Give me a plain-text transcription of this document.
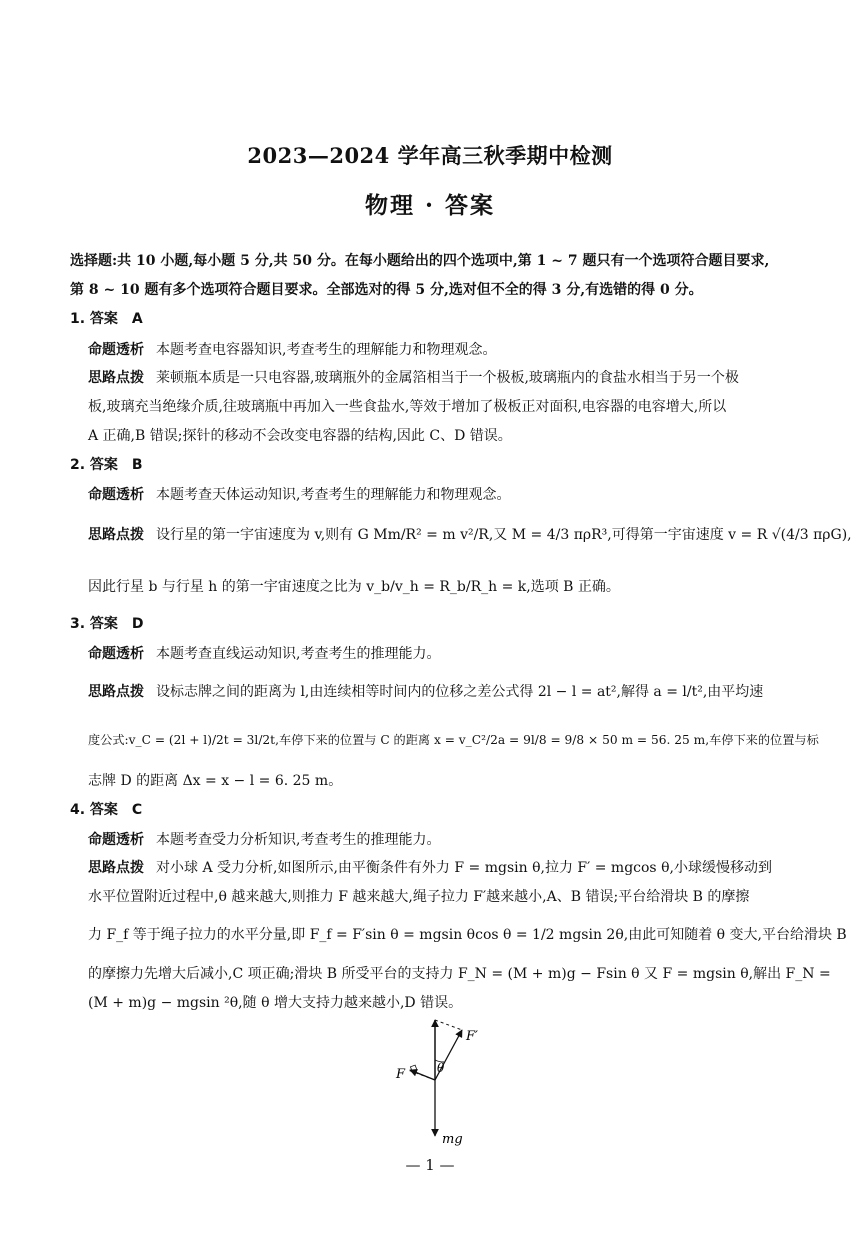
2023—2024 学年高三秋季期中检测
物理 · 答案
选择题:共 10 小题,每小题 5 分,共 50 分。在每小题给出的四个选项中,第 1 ~ 7 题只有一个选项符合题目要求,
第 8 ~ 10 题有多个选项符合题目要求。全部选对的得 5 分,选对但不全的得 3 分,有选错的得 0 分。
1. 答案　A
命题透析 本题考查电容器知识,考查考生的理解能力和物理观念。
思路点拨 莱顿瓶本质是一只电容器,玻璃瓶外的金属箔相当于一个极板,玻璃瓶内的食盐水相当于另一个极
板,玻璃充当绝缘介质,往玻璃瓶中再加入一些食盐水,等效于增加了极板正对面积,电容器的电容增大,所以
A 正确,B 错误;探针的移动不会改变电容器的结构,因此 C、D 错误。
2. 答案　B
命题透析 本题考查天体运动知识,考查考生的理解能力和物理观念。
思路点拨 设行星的第一宇宙速度为 v,则有 G Mm/R² = m v²/R,又 M = 4/3 πρR³,可得第一宇宙速度 v = R √(4/3 πρG),
因此行星 b 与行星 h 的第一宇宙速度之比为 v_b/v_h = R_b/R_h = k,选项 B 正确。
3. 答案　D
命题透析 本题考查直线运动知识,考查考生的推理能力。
思路点拨 设标志牌之间的距离为 l,由连续相等时间内的位移之差公式得 2l − l = at²,解得 a = l/t²,由平均速
度公式:v_C = (2l + l)/2t = 3l/2t,车停下来的位置与 C 的距离 x = v_C²/2a = 9l/8 = 9/8 × 50 m = 56. 25 m,车停下来的位置与标
志牌 D 的距离 Δx = x − l = 6. 25 m。
4. 答案　C
命题透析 本题考查受力分析知识,考查考生的推理能力。
思路点拨 对小球 A 受力分析,如图所示,由平衡条件有外力 F = mgsin θ,拉力 F′ = mgcos θ,小球缓慢移动到
水平位置附近过程中,θ 越来越大,则推力 F 越来越大,绳子拉力 F′越来越小,A、B 错误;平台给滑块 B 的摩擦
力 F_f 等于绳子拉力的水平分量,即 F_f = F′sin θ = mgsin θcos θ = 1/2 mgsin 2θ,由此可知随着 θ 变大,平台给滑块 B
的摩擦力先增大后减小,C 项正确;滑块 B 所受平台的支持力 F_N = (M + m)g − Fsin θ 又 F = mgsin θ,解出 F_N =
(M + m)g − mgsin ²θ,随 θ 增大支持力越来越小,D 错误。
F′
θ
F
mg
— 1 —
